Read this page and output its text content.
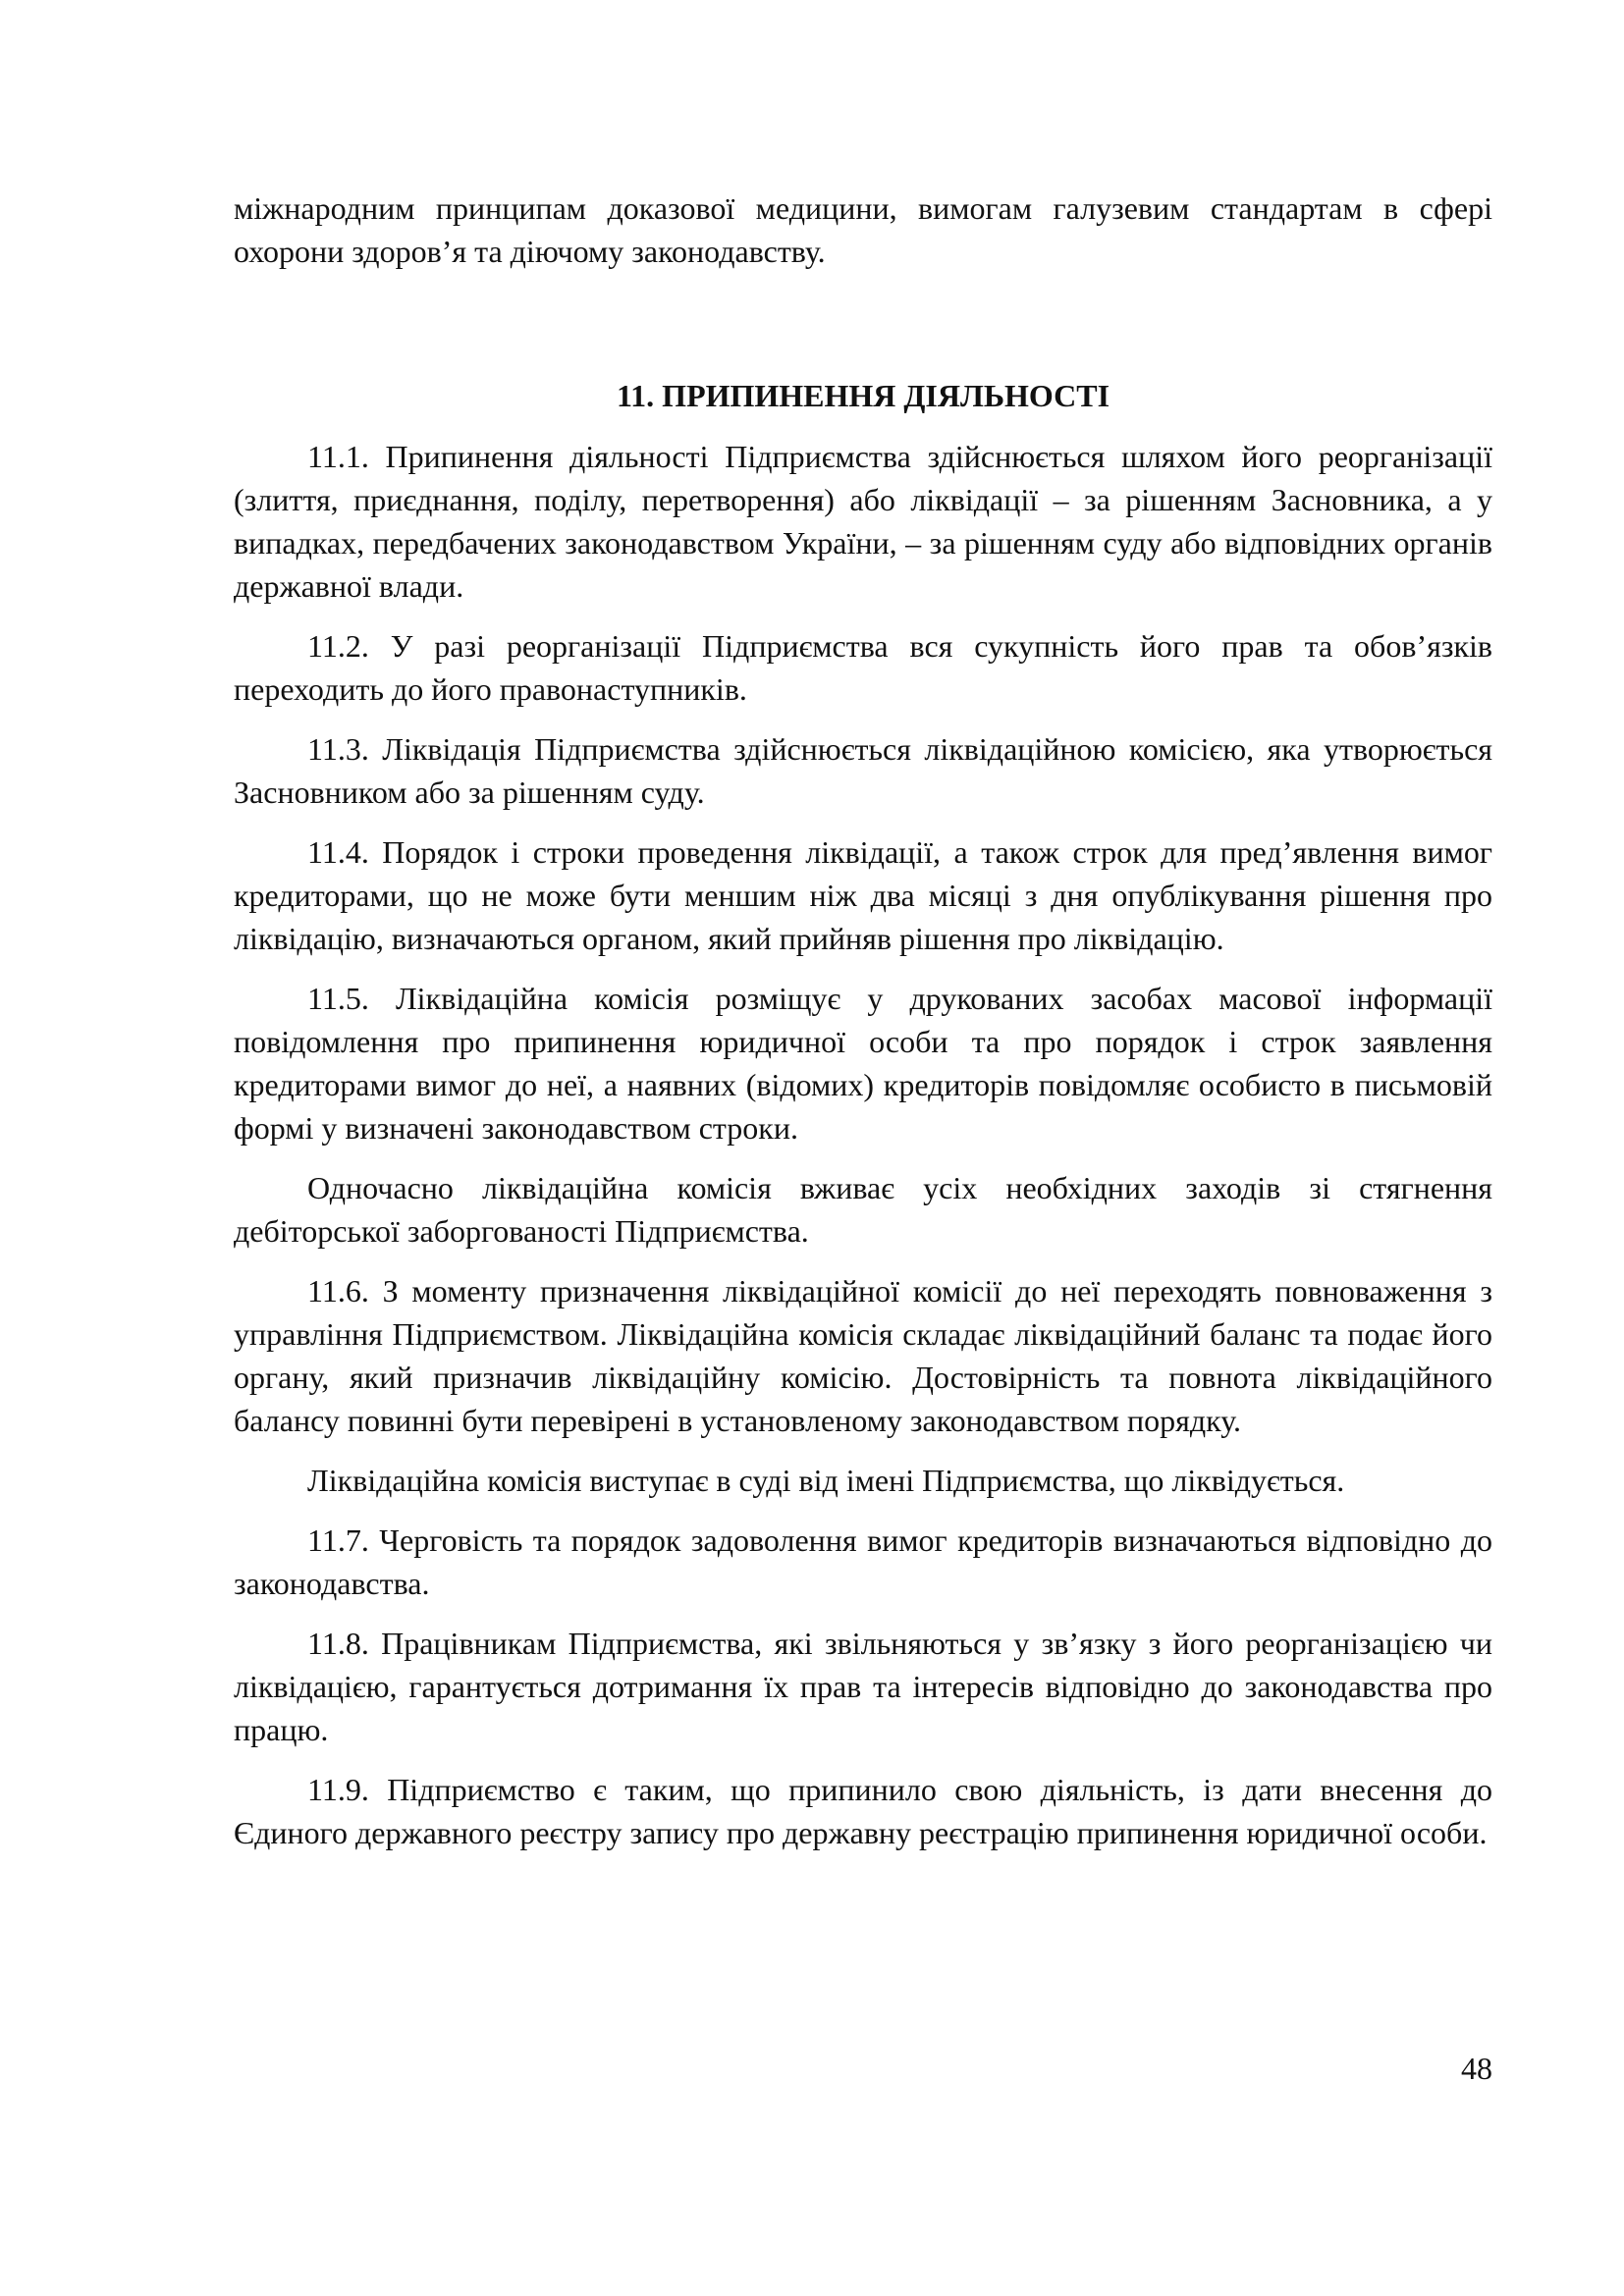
міжнародним принципам доказової медицини, вимогам галузевим стандартам в сфері охорони здоров’я та діючому законодавству.

11. ПРИПИНЕННЯ ДІЯЛЬНОСТІ

11.1. Припинення діяльності Підприємства здійснюється шляхом його реорганізації (злиття, приєднання, поділу, перетворення) або ліквідації – за рішенням Засновника, а у випадках, передбачених законодавством України, – за рішенням суду або відповідних органів державної влади.

11.2. У разі реорганізації Підприємства вся сукупність його прав та обов’язків переходить до його правонаступників.

11.3. Ліквідація Підприємства здійснюється ліквідаційною комісією, яка утворюється Засновником або за рішенням суду.

11.4. Порядок і строки проведення ліквідації, а також строк для пред’явлення вимог кредиторами, що не може бути меншим ніж два місяці з дня опублікування рішення про ліквідацію, визначаються органом, який прийняв рішення про ліквідацію.

11.5. Ліквідаційна комісія розміщує у друкованих засобах масової інформації повідомлення про припинення юридичної особи та про порядок і строк заявлення кредиторами вимог до неї, а наявних (відомих) кредиторів повідомляє особисто в письмовій формі у визначені законодавством строки.

Одночасно ліквідаційна комісія вживає усіх необхідних заходів зі стягнення дебіторської заборгованості Підприємства.

11.6. З моменту призначення ліквідаційної комісії до неї переходять повноваження з управління Підприємством. Ліквідаційна комісія складає ліквідаційний баланс та подає його органу, який призначив ліквідаційну комісію. Достовірність та повнота ліквідаційного балансу повинні бути перевірені в установленому законодавством порядку.

Ліквідаційна комісія виступає в суді від імені Підприємства, що ліквідується.

11.7. Черговість та порядок задоволення вимог кредиторів визначаються відповідно до законодавства.

11.8. Працівникам Підприємства, які звільняються у зв’язку з його реорганізацією чи ліквідацією, гарантується дотримання їх прав та інтересів відповідно до законодавства про працю.

11.9. Підприємство є таким, що припинило свою діяльність, із дати внесення до Єдиного державного реєстру запису про державну реєстрацію припинення юридичної особи.

48
